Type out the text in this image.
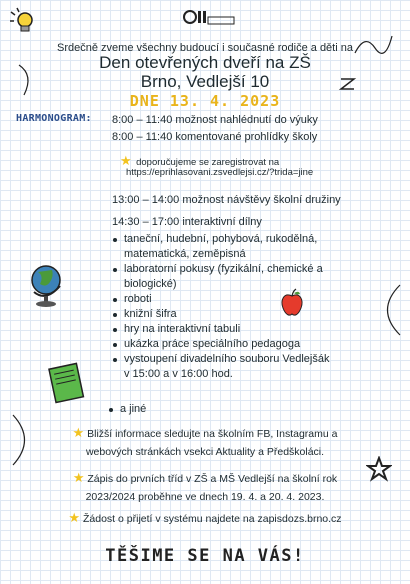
Srdečně zveme všechny budoucí i současné rodiče a děti na
Den otevřených dveří na ZŠ
Brno, Vedlejší 10
DNE 13. 4. 2023
HARMONOGRAM: 8:00 – 11:40 možnost nahlédnutí do výuky
8:00 – 11:40 komentované prohlídky školy
★ doporučujeme se zaregistrovat na
https://eprihlasovani.zsvedlejsi.cz/?trida=jine
13:00 – 14:00 možnost návštěvy školní družiny
14:30 – 17:00 interaktivní dílny
taneční, hudební, pohybová, rukodělná,
matematická, zeměpisná
laboratorní pokusy (fyzikální, chemické a
biologické)
roboti
knižní šifra
hry na interaktivní tabuli
ukázka práce speciálního pedagoga
vystoupení divadelního souboru Vedlejšák
v 15:00 a v 16:00 hod.
a jiné
★ Bližší informace sledujte na školním FB, Instagramu a
webových stránkách vsekci Aktuality a Předškoláci.
★ Zápis do prvních tříd v ZŠ a MŠ Vedlejší na školní rok
2023/2024 proběhne ve dnech 19. 4. a 20. 4. 2023.
★ Žádost o přijetí v systému najdete na zapisdozs.brno.cz
TĚŠIME SE NA VÁS!
